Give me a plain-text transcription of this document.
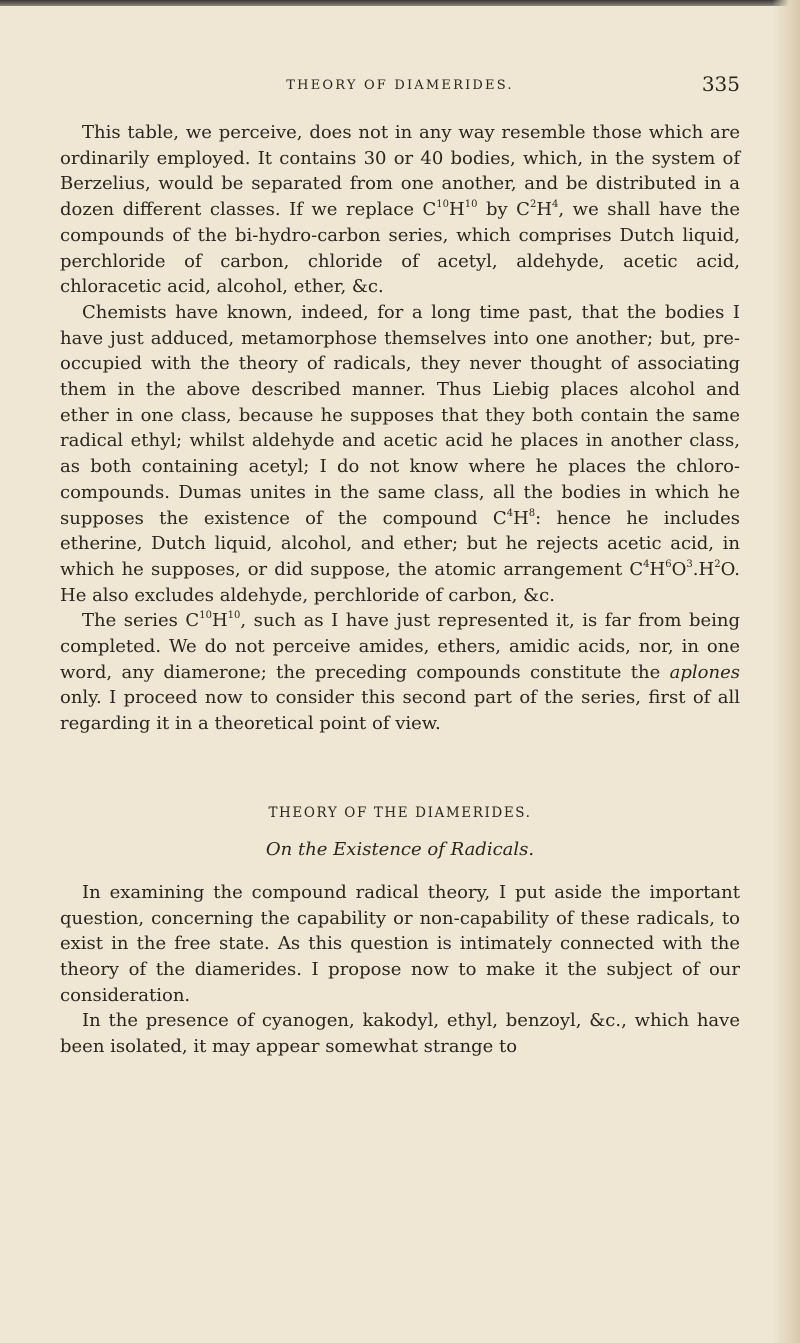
THEORY OF DIAMERIDES.	335

This table, we perceive, does not in any way resemble those which are ordinarily employed. It contains 30 or 40 bodies, which, in the system of Berzelius, would be separated from one another, and be distributed in a dozen different classes. If we replace $C^{10}H^{10}$ by $C^2H^4$, we shall have the compounds of the bi-hydro-carbon series, which comprises Dutch liquid, perchloride of carbon, chloride of acetyl, aldehyde, acetic acid, chloracetic acid, alcohol, ether, &c.

Chemists have known, indeed, for a long time past, that the bodies I have just adduced, metamorphose themselves into one another; but, pre-occupied with the theory of radicals, they never thought of associating them in the above described manner. Thus Liebig places alcohol and ether in one class, because he supposes that they both contain the same radical ethyl; whilst aldehyde and acetic acid he places in another class, as both containing acetyl; I do not know where he places the chloro-compounds. Dumas unites in the same class, all the bodies in which he supposes the existence of the compound $C^4H^8$: hence he includes etherine, Dutch liquid, alcohol, and ether; but he rejects acetic acid, in which he supposes, or did suppose, the atomic arrangement $C^4H^6O^3.H^2O$. He also excludes aldehyde, perchloride of carbon, &c.

The series $C^{10}H^{10}$, such as I have just represented it, is far from being completed. We do not perceive amides, ethers, amidic acids, nor, in one word, any diamerone; the preceding compounds constitute the aplones only. I proceed now to consider this second part of the series, first of all regarding it in a theoretical point of view.

THEORY OF THE DIAMERIDES.
On the Existence of Radicals.

In examining the compound radical theory, I put aside the important question, concerning the capability or non-capability of these radicals, to exist in the free state. As this question is intimately connected with the theory of the diamerides. I propose now to make it the subject of our consideration.

In the presence of cyanogen, kakodyl, ethyl, benzoyl, &c., which have been isolated, it may appear somewhat strange to
